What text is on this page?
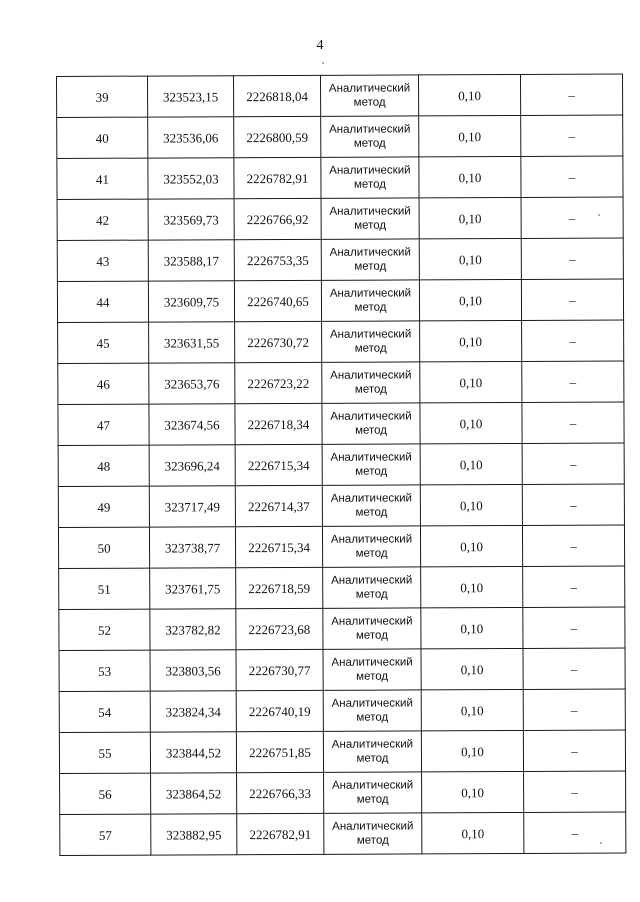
4
39	323523,15	2226818,04	Аналитический
метод	0,10	–
40	323536,06	2226800,59	Аналитический
метод	0,10	–
41	323552,03	2226782,91	Аналитический
метод	0,10	–
42	323569,73	2226766,92	Аналитический
метод	0,10	–
43	323588,17	2226753,35	Аналитический
метод	0,10	–
44	323609,75	2226740,65	Аналитический
метод	0,10	–
45	323631,55	2226730,72	Аналитический
метод	0,10	–
46	323653,76	2226723,22	Аналитический
метод	0,10	–
47	323674,56	2226718,34	Аналитический
метод	0,10	–
48	323696,24	2226715,34	Аналитический
метод	0,10	–
49	323717,49	2226714,37	Аналитический
метод	0,10	–
50	323738,77	2226715,34	Аналитический
метод	0,10	–
51	323761,75	2226718,59	Аналитический
метод	0,10	–
52	323782,82	2226723,68	Аналитический
метод	0,10	–
53	323803,56	2226730,77	Аналитический
метод	0,10	–
54	323824,34	2226740,19	Аналитический
метод	0,10	–
55	323844,52	2226751,85	Аналитический
метод	0,10	–
56	323864,52	2226766,33	Аналитический
метод	0,10	–
57	323882,95	2226782,91	Аналитический
метод	0,10	–
